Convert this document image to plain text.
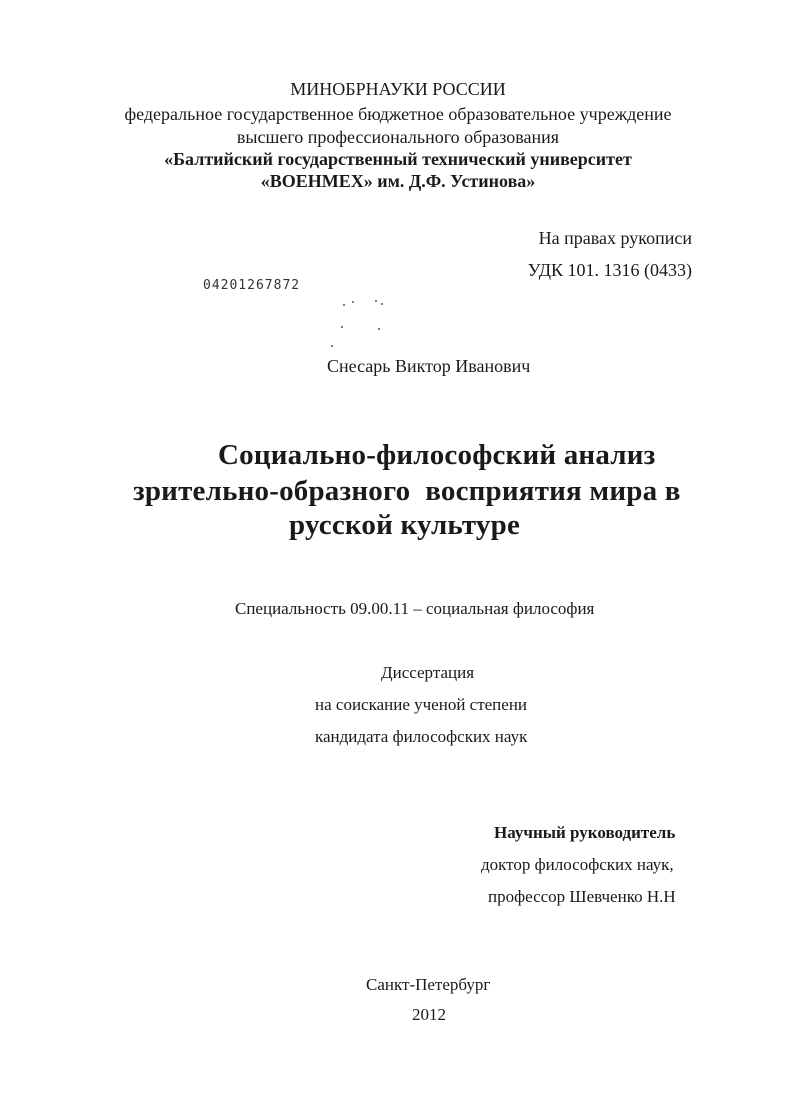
МИНОБРНАУКИ РОССИИ
федеральное государственное бюджетное образовательное учреждение
высшего профессионального образования
«Балтийский государственный технический университет
«ВОЕНМЕХ» им. Д.Ф. Устинова»
На правах рукописи
УДК 101. 1316 (0433)
04201267872
Снесарь Виктор Иванович
Социально-философский анализ
зрительно-образного  восприятия мира в
русской культуре
Специальность 09.00.11 – социальная философия
Диссертация
на соискание ученой степени
кандидата философских наук
Научный руководитель
доктор философских наук,
профессор Шевченко Н.Н
Санкт-Петербург
2012
